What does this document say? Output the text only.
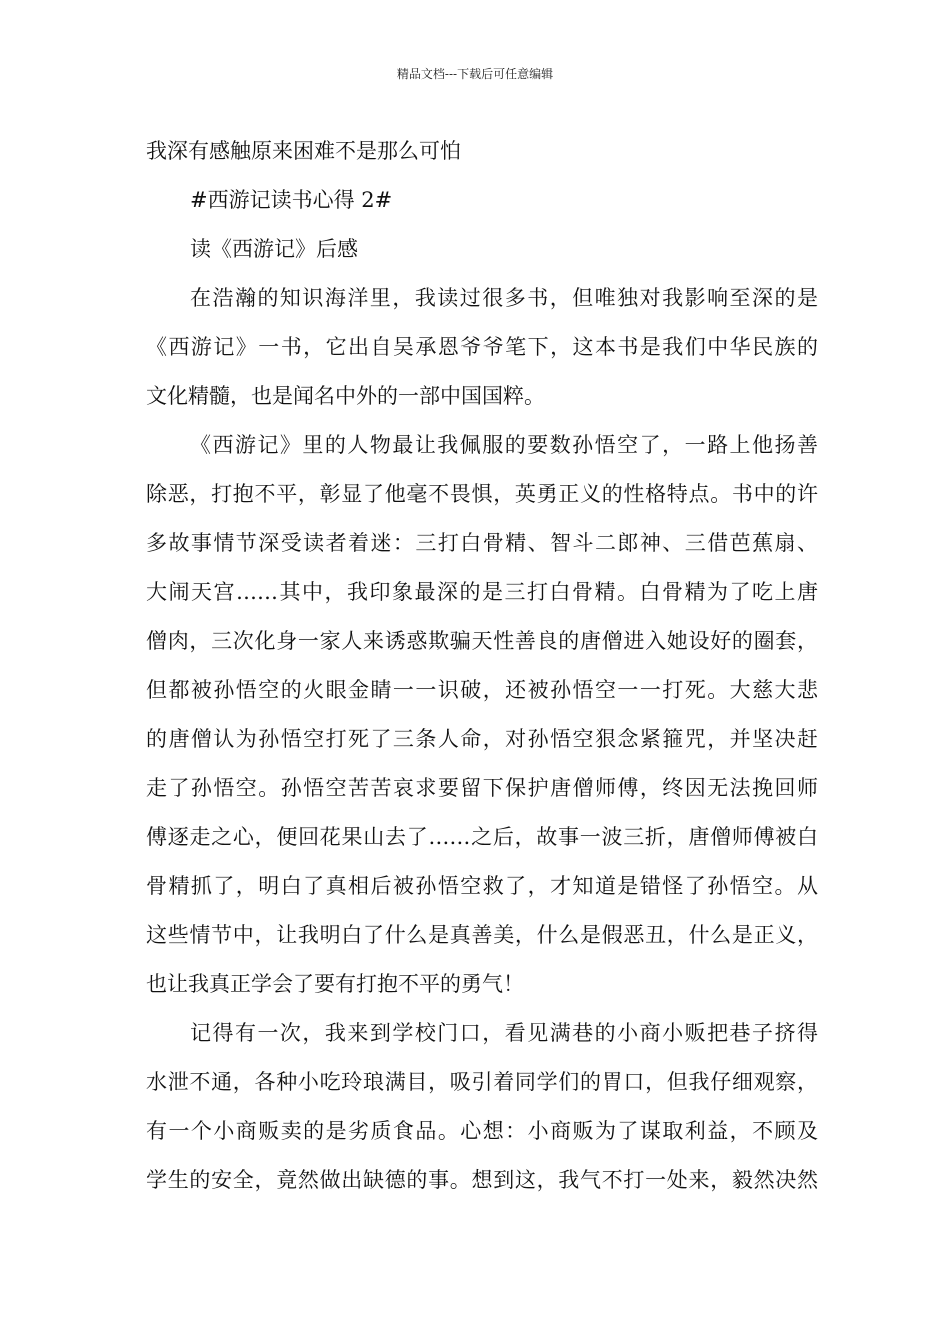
精品文档---下载后可任意编辑
我深有感触原来困难不是那么可怕
#西游记读书心得 2#
读《西游记》后感
在浩瀚的知识海洋里，我读过很多书，但唯独对我影响至深的是
《西游记》一书，它出自吴承恩爷爷笔下，这本书是我们中华民族的
文化精髓，也是闻名中外的一部中国国粹。
《西游记》里的人物最让我佩服的要数孙悟空了，一路上他扬善
除恶，打抱不平，彰显了他毫不畏惧，英勇正义的性格特点。书中的许
多故事情节深受读者着迷：三打白骨精、智斗二郎神、三借芭蕉扇、
大闹天宫……其中，我印象最深的是三打白骨精。白骨精为了吃上唐
僧肉，三次化身一家人来诱惑欺骗天性善良的唐僧进入她设好的圈套，
但都被孙悟空的火眼金睛一一识破，还被孙悟空一一打死。大慈大悲
的唐僧认为孙悟空打死了三条人命，对孙悟空狠念紧箍咒，并坚决赶
走了孙悟空。孙悟空苦苦哀求要留下保护唐僧师傅，终因无法挽回师
傅逐走之心，便回花果山去了……之后，故事一波三折，唐僧师傅被白
骨精抓了，明白了真相后被孙悟空救了，才知道是错怪了孙悟空。从
这些情节中，让我明白了什么是真善美，什么是假恶丑，什么是正义，
也让我真正学会了要有打抱不平的勇气！
记得有一次，我来到学校门口，看见满巷的小商小贩把巷子挤得
水泄不通，各种小吃玲琅满目，吸引着同学们的胃口，但我仔细观察，
有一个小商贩卖的是劣质食品。心想：小商贩为了谋取利益，不顾及
学生的安全，竟然做出缺德的事。想到这，我气不打一处来，毅然决然
